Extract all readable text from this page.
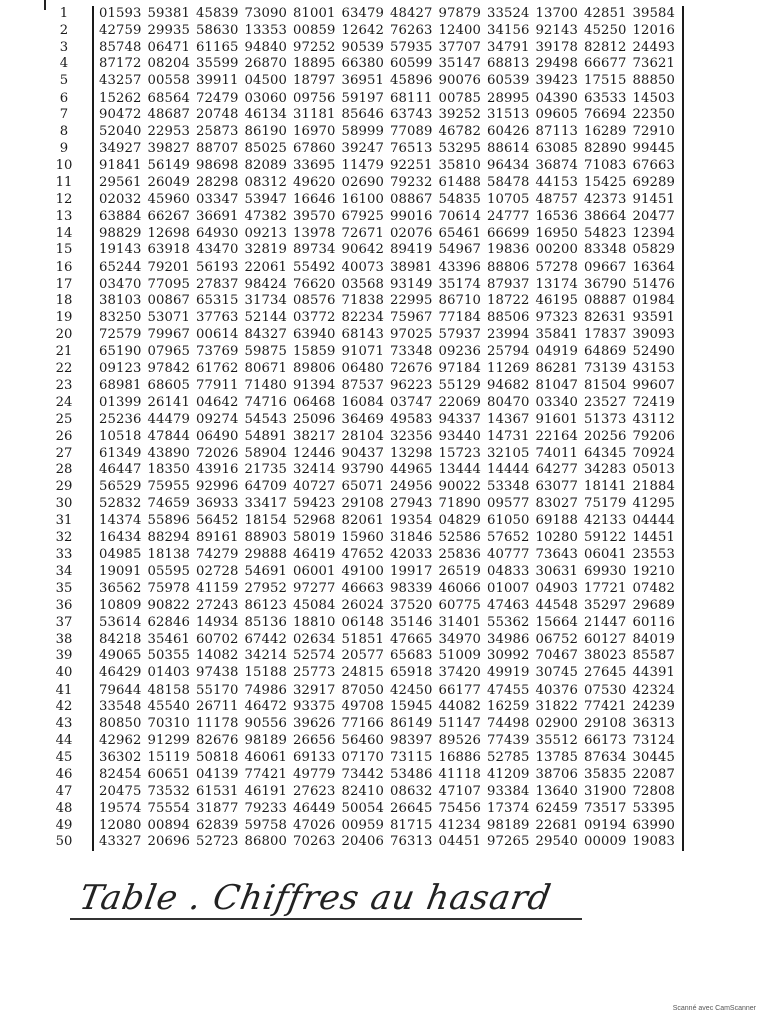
1
2
3
4
5
6
7
8
9
10
11
12
13
14
15
16
17
18
19
20
21
22
23
24
25
26
27
28
29
30
31
32
33
34
35
36
37
38
39
40
41
42
43
44
45
46
47
48
49
50
01593 59381 45839 73090 81001 63479 48427 97879 33524 13700 42851 39584
42759 29935 58630 13353 00859 12642 76263 12400 34156 92143 45250 12016
85748 06471 61165 94840 97252 90539 57935 37707 34791 39178 82812 24493
87172 08204 35599 26870 18895 66380 60599 35147 68813 29498 66677 73621
43257 00558 39911 04500 18797 36951 45896 90076 60539 39423 17515 88850
15262 68564 72479 03060 09756 59197 68111 00785 28995 04390 63533 14503
90472 48687 20748 46134 31181 85646 63743 39252 31513 09605 76694 22350
52040 22953 25873 86190 16970 58999 77089 46782 60426 87113 16289 72910
34927 39827 88707 85025 67860 39247 76513 53295 88614 63085 82890 99445
91841 56149 98698 82089 33695 11479 92251 35810 96434 36874 71083 67663
29561 26049 28298 08312 49620 02690 79232 61488 58478 44153 15425 69289
02032 45960 03347 53947 16646 16100 08867 54835 10705 48757 42373 91451
63884 66267 36691 47382 39570 67925 99016 70614 24777 16536 38664 20477
98829 12698 64930 09213 13978 72671 02076 65461 66699 16950 54823 12394
19143 63918 43470 32819 89734 90642 89419 54967 19836 00200 83348 05829
65244 79201 56193 22061 55492 40073 38981 43396 88806 57278 09667 16364
03470 77095 27837 98424 76620 03568 93149 35174 87937 13174 36790 51476
38103 00867 65315 31734 08576 71838 22995 86710 18722 46195 08887 01984
83250 53071 37763 52144 03772 82234 75967 77184 88506 97323 82631 93591
72579 79967 00614 84327 63940 68143 97025 57937 23994 35841 17837 39093
65190 07965 73769 59875 15859 91071 73348 09236 25794 04919 64869 52490
09123 97842 61762 80671 89806 06480 72676 97184 11269 86281 73139 43153
68981 68605 77911 71480 91394 87537 96223 55129 94682 81047 81504 99607
01399 26141 04642 74716 06468 16084 03747 22069 80470 03340 23527 72419
25236 44479 09274 54543 25096 36469 49583 94337 14367 91601 51373 43112
10518 47844 06490 54891 38217 28104 32356 93440 14731 22164 20256 79206
61349 43890 72026 58904 12446 90437 13298 15723 32105 74011 64345 70924
46447 18350 43916 21735 32414 93790 44965 13444 14444 64277 34283 05013
56529 75955 92996 64709 40727 65071 24956 90022 53348 63077 18141 21884
52832 74659 36933 33417 59423 29108 27943 71890 09577 83027 75179 41295
14374 55896 56452 18154 52968 82061 19354 04829 61050 69188 42133 04444
16434 88294 89161 88903 58019 15960 31846 52586 57652 10280 59122 14451
04985 18138 74279 29888 46419 47652 42033 25836 40777 73643 06041 23553
19091 05595 02728 54691 06001 49100 19917 26519 04833 30631 69930 19210
36562 75978 41159 27952 97277 46663 98339 46066 01007 04903 17721 07482
10809 90822 27243 86123 45084 26024 37520 60775 47463 44548 35297 29689
53614 62846 14934 85136 18810 06148 35146 31401 55362 15664 21447 60116
84218 35461 60702 67442 02634 51851 47665 34970 34986 06752 60127 84019
49065 50355 14082 34214 52574 20577 65683 51009 30992 70467 38023 85587
46429 01403 97438 15188 25773 24815 65918 37420 49919 30745 27645 44391
79644 48158 55170 74986 32917 87050 42450 66177 47455 40376 07530 42324
33548 45540 26711 46472 93375 49708 15945 44082 16259 31822 77421 24239
80850 70310 11178 90556 39626 77166 86149 51147 74498 02900 29108 36313
42962 91299 82676 98189 26656 56460 98397 89526 77439 35512 66173 73124
36302 15119 50818 46061 69133 07170 73115 16886 52785 13785 87634 30445
82454 60651 04139 77421 49779 73442 53486 41118 41209 38706 35835 22087
20475 73532 61531 46191 27623 82410 08632 47107 93384 13640 31900 72808
19574 75554 31877 79233 46449 50054 26645 75456 17374 62459 73517 53395
12080 00894 62839 59758 47026 00959 81715 41234 98189 22681 09194 63990
43327 20696 52723 86800 70263 20406 76313 04451 97265 29540 00009 19083
Table . Chiffres au hasard
Scanné avec CamScanner
